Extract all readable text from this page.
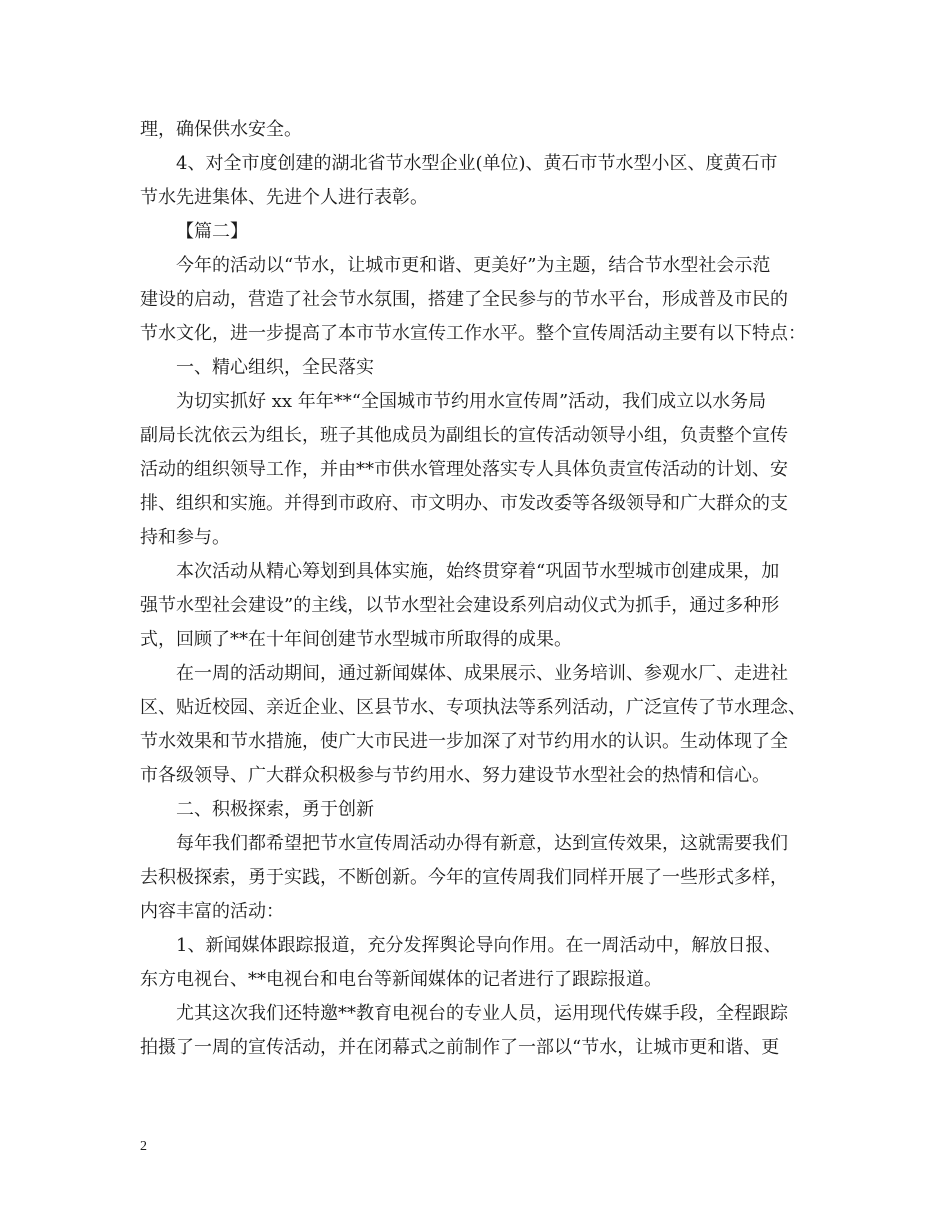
理，确保供水安全。
4、对全市度创建的湖北省节水型企业(单位)、黄石市节水型小区、度黄石市
节水先进集体、先进个人进行表彰。
【篇二】
今年的活动以“节水，让城市更和谐、更美好”为主题，结合节水型社会示范
建设的启动，营造了社会节水氛围，搭建了全民参与的节水平台，形成普及市民的
节水文化，进一步提高了本市节水宣传工作水平。整个宣传周活动主要有以下特点：
一、精心组织，全民落实
为切实抓好 xx 年年**“全国城市节约用水宣传周”活动，我们成立以水务局
副局长沈依云为组长，班子其他成员为副组长的宣传活动领导小组，负责整个宣传
活动的组织领导工作，并由**市供水管理处落实专人具体负责宣传活动的计划、安
排、组织和实施。并得到市政府、市文明办、市发改委等各级领导和广大群众的支
持和参与。
本次活动从精心筹划到具体实施，始终贯穿着“巩固节水型城市创建成果，加
强节水型社会建设”的主线，以节水型社会建设系列启动仪式为抓手，通过多种形
式，回顾了**在十年间创建节水型城市所取得的成果。
在一周的活动期间，通过新闻媒体、成果展示、业务培训、参观水厂、走进社
区、贴近校园、亲近企业、区县节水、专项执法等系列活动，广泛宣传了节水理念、
节水效果和节水措施，使广大市民进一步加深了对节约用水的认识。生动体现了全
市各级领导、广大群众积极参与节约用水、努力建设节水型社会的热情和信心。
二、积极探索，勇于创新
每年我们都希望把节水宣传周活动办得有新意，达到宣传效果，这就需要我们
去积极探索，勇于实践，不断创新。今年的宣传周我们同样开展了一些形式多样，
内容丰富的活动：
1、新闻媒体跟踪报道，充分发挥舆论导向作用。在一周活动中，解放日报、
东方电视台、**电视台和电台等新闻媒体的记者进行了跟踪报道。
尤其这次我们还特邀**教育电视台的专业人员，运用现代传媒手段，全程跟踪
拍摄了一周的宣传活动，并在闭幕式之前制作了一部以“节水，让城市更和谐、更
2
